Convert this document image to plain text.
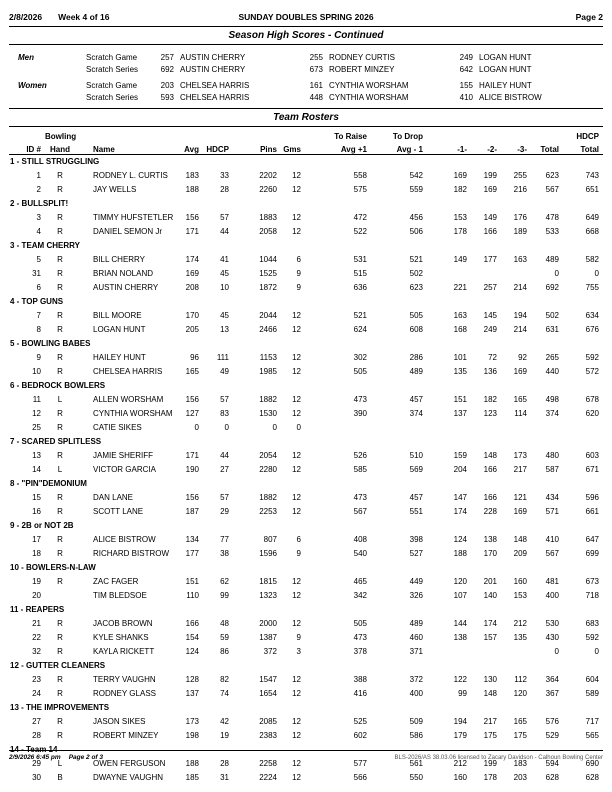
2/8/2026 Week 4 of 16	SUNDAY DOUBLES SPRING 2026	Page 2
Season High Scores - Continued
Men	Scratch Game	257 AUSTIN CHERRY	255 RODNEY CURTIS	249 LOGAN HUNT
Scratch Series	692 AUSTIN CHERRY	673 ROBERT MINZEY	642 LOGAN HUNT
Women	Scratch Game	203 CHELSEA HARRIS	161 CYNTHIA WORSHAM	155 HAILEY HUNT
Scratch Series	593 CHELSEA HARRIS	448 CYNTHIA WORSHAM	410 ALICE BISTROW
Team Rosters
	Bowling						To Raise	To Drop					HDCP
ID #	Hand	Name	Avg	HDCP	Pins	Gms	Avg +1	Avg - 1	-1-	-2-	-3-	Total	Total
1 - STILL STRUGGLING													
1	R	RODNEY L. CURTIS	183	33	2202	12	558	542	169	199	255	623	743
2	R	JAY WELLS	188	28	2260	12	575	559	182	169	216	567	651
2 - BULLSPLIT!													
3	R	TIMMY HUFSTETLER	156	57	1883	12	472	456	153	149	176	478	649
4	R	DANIEL SEMON Jr	171	44	2058	12	522	506	178	166	189	533	668
3 - TEAM CHERRY													
5	R	BILL CHERRY	174	41	1044	6	531	521	149	177	163	489	582
31	R	BRIAN NOLAND	169	45	1525	9	515	502				0	0
6	R	AUSTIN CHERRY	208	10	1872	9	636	623	221	257	214	692	755
4 - TOP GUNS													
7	R	BILL MOORE	170	45	2044	12	521	505	163	145	194	502	634
8	R	LOGAN HUNT	205	13	2466	12	624	608	168	249	214	631	676
5 - BOWLING BABES													
9	R	HAILEY HUNT	96	111	1153	12	302	286	101	72	92	265	592
10	R	CHELSEA HARRIS	165	49	1985	12	505	489	135	136	169	440	572
6 - BEDROCK BOWLERS													
11	L	ALLEN WORSHAM	156	57	1882	12	473	457	151	182	165	498	678
12	R	CYNTHIA WORSHAM	127	83	1530	12	390	374	137	123	114	374	620
25	R	CATIE SIKES	0	0	0	0							
7 - SCARED SPLITLESS													
13	R	JAMIE SHERIFF	171	44	2054	12	526	510	159	148	173	480	603
14	L	VICTOR GARCIA	190	27	2280	12	585	569	204	166	217	587	671
8 - "PIN"DEMONIUM													
15	R	DAN LANE	156	57	1882	12	473	457	147	166	121	434	596
16	R	SCOTT LANE	187	29	2253	12	567	551	174	228	169	571	661
9 - 2B or NOT 2B													
17	R	ALICE BISTROW	134	77	807	6	408	398	124	138	148	410	647
18	R	RICHARD BISTROW	177	38	1596	9	540	527	188	170	209	567	699
10 - BOWLERS-N-LAW													
19	R	ZAC FAGER	151	62	1815	12	465	449	120	201	160	481	673
20		TIM BLEDSOE	110	99	1323	12	342	326	107	140	153	400	718
11 - REAPERS													
21	R	JACOB BROWN	166	48	2000	12	505	489	144	174	212	530	683
22	R	KYLE SHANKS	154	59	1387	9	473	460	138	157	135	430	592
32	R	KAYLA RICKETT	124	86	372	3	378	371				0	0
12 - GUTTER CLEANERS													
23	R	TERRY VAUGHN	128	82	1547	12	388	372	122	130	112	364	604
24	R	RODNEY GLASS	137	74	1654	12	416	400	99	148	120	367	589
13 - THE IMPROVEMENTS													
27	R	JASON SIKES	173	42	2085	12	525	509	194	217	165	576	717
28	R	ROBERT MINZEY	198	19	2383	12	602	586	179	175	175	529	565
14 - Team 14													
29	L	OWEN FERGUSON	188	28	2258	12	577	561	212	199	183	594	690
30	B	DWAYNE VAUGHN	185	31	2224	12	566	550	160	178	203	628	628
2/9/2026 6:45 pm Page 2 of 3	BLS-2026/AS 38.03.06 licensed to Zacary Davidson - Calhoun Bowling Center
